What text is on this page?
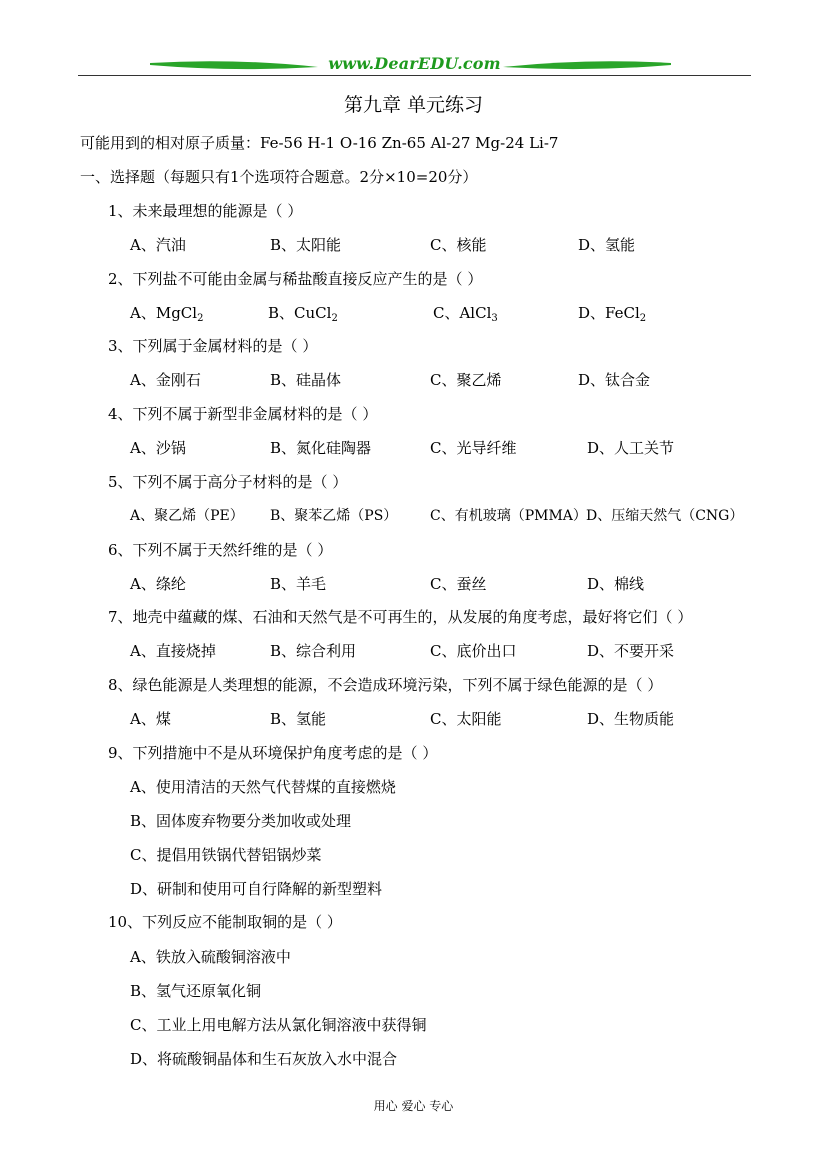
www.DearEDU.com
第九章 单元练习
可能用到的相对原子质量：Fe-56 H-1 O-16 Zn-65 Al-27 Mg-24 Li-7
一、选择题（每题只有1个选项符合题意。2分×10=20分）
1、未来最理想的能源是（ ）
A、汽油	B、太阳能	C、核能	D、氢能
2、下列盐不可能由金属与稀盐酸直接反应产生的是（ ）
A、MgCl$_2$	B、CuCl$_2$	C、AlCl$_3$	D、FeCl$_2$
3、下列属于金属材料的是（ ）
A、金刚石	B、硅晶体	C、聚乙烯	D、钛合金
4、下列不属于新型非金属材料的是（ ）
A、沙锅	B、氮化硅陶器	C、光导纤维	D、人工关节
5、下列不属于高分子材料的是（ ）
A、聚乙烯（PE） B、聚苯乙烯（PS） C、有机玻璃（PMMA） D、压缩天然气（CNG）
6、下列不属于天然纤维的是（ ）
A、绦纶	B、羊毛	C、蚕丝	D、棉线
7、地壳中蕴藏的煤、石油和天然气是不可再生的，从发展的角度考虑，最好将它们（ ）
A、直接烧掉	B、综合利用	C、底价出口	D、不要开采
8、绿色能源是人类理想的能源，不会造成环境污染，下列不属于绿色能源的是（ ）
A、煤	B、氢能	C、太阳能	D、生物质能
9、下列措施中不是从环境保护角度考虑的是（ ）
A、使用清洁的天然气代替煤的直接燃烧
B、固体废弃物要分类加收或处理
C、提倡用铁锅代替铝锅炒菜
D、研制和使用可自行降解的新型塑料
10、下列反应不能制取铜的是（ ）
A、铁放入硫酸铜溶液中
B、氢气还原氧化铜
C、工业上用电解方法从氯化铜溶液中获得铜
D、将硫酸铜晶体和生石灰放入水中混合
用心 爱心 专心
